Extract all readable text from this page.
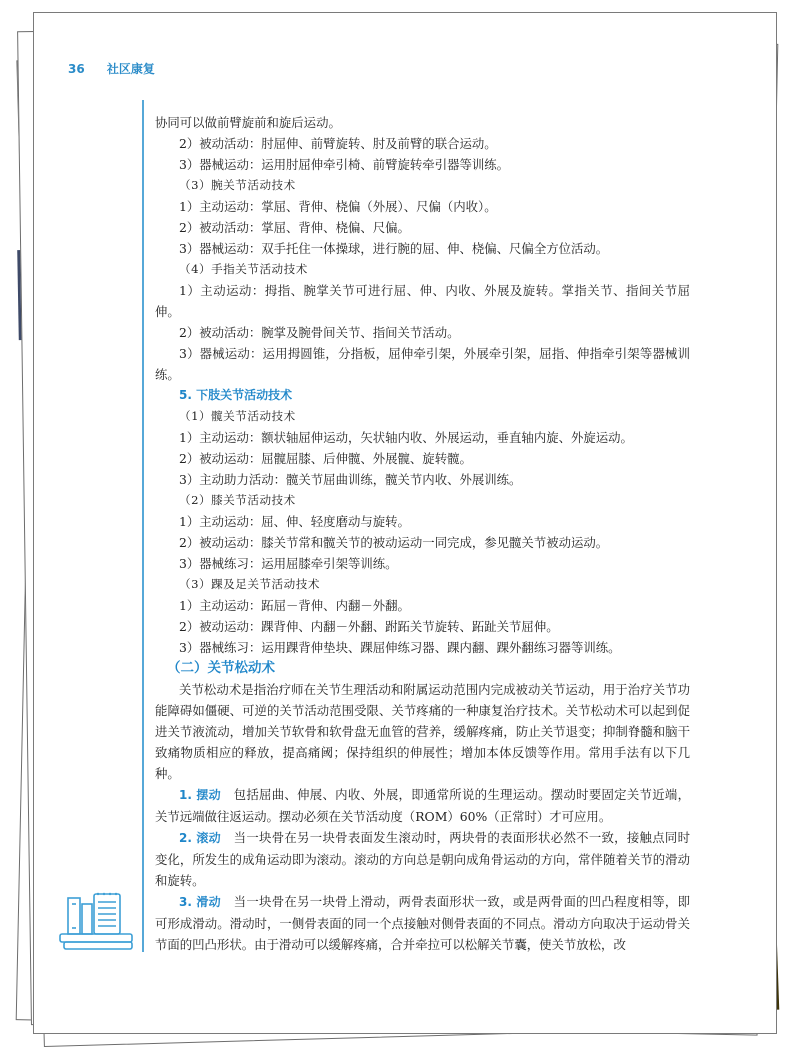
36 社区康复

协同可以做前臂旋前和旋后运动。

2）被动活动：肘屈伸、前臂旋转、肘及前臂的联合运动。

3）器械运动：运用肘屈伸牵引椅、前臂旋转牵引器等训练。

（3）腕关节活动技术

1）主动运动：掌屈、背伸、桡偏（外展）、尺偏（内收）。

2）被动活动：掌屈、背伸、桡偏、尺偏。

3）器械运动：双手托住一体操球，进行腕的屈、伸、桡偏、尺偏全方位活动。

（4）手指关节活动技术

1）主动运动：拇指、腕掌关节可进行屈、伸、内收、外展及旋转。掌指关节、指间关节屈伸。

2）被动活动：腕掌及腕骨间关节、指间关节活动。

3）器械运动：运用拇圆锥，分指板，屈伸牵引架，外展牵引架，屈指、伸指牵引架等器械训练。

5. 下肢关节活动技术

（1）髋关节活动技术

1）主动运动：额状轴屈伸运动，矢状轴内收、外展运动，垂直轴内旋、外旋运动。

2）被动运动：屈髋屈膝、后伸髋、外展髋、旋转髋。

3）主动助力活动：髋关节屈曲训练，髋关节内收、外展训练。

（2）膝关节活动技术

1）主动运动：屈、伸、轻度磨动与旋转。

2）被动运动：膝关节常和髋关节的被动运动一同完成，参见髋关节被动运动。

3）器械练习：运用屈膝牵引架等训练。

（3）踝及足关节活动技术

1）主动运动：跖屈－背伸、内翻－外翻。

2）被动运动：踝背伸、内翻－外翻、跗跖关节旋转、跖趾关节屈伸。

3）器械练习：运用踝背伸垫块、踝屈伸练习器、踝内翻、踝外翻练习器等训练。

（二）关节松动术

关节松动术是指治疗师在关节生理活动和附属运动范围内完成被动关节运动，用于治疗关节功能障碍如僵硬、可逆的关节活动范围受限、关节疼痛的一种康复治疗技术。关节松动术可以起到促进关节液流动，增加关节软骨和软骨盘无血管的营养，缓解疼痛，防止关节退变；抑制脊髓和脑干致痛物质相应的释放，提高痛阈；保持组织的伸展性；增加本体反馈等作用。常用手法有以下几种。

1. 摆动　 包括屈曲、伸展、内收、外展，即通常所说的生理运动。摆动时要固定关节近端，关节远端做往返运动。摆动必须在关节活动度（ROM）60%（正常时）才可应用。

2. 滚动　 当一块骨在另一块骨表面发生滚动时，两块骨的表面形状必然不一致，接触点同时变化，所发生的成角运动即为滚动。滚动的方向总是朝向成角骨运动的方向，常伴随着关节的滑动和旋转。

3. 滑动　 当一块骨在另一块骨上滑动，两骨表面形状一致，或是两骨面的凹凸程度相等，即可形成滑动。滑动时，一侧骨表面的同一个点接触对侧骨表面的不同点。滑动方向取决于运动骨关节面的凹凸形状。由于滑动可以缓解疼痛，合并牵拉可以松解关节囊，使关节放松，改
